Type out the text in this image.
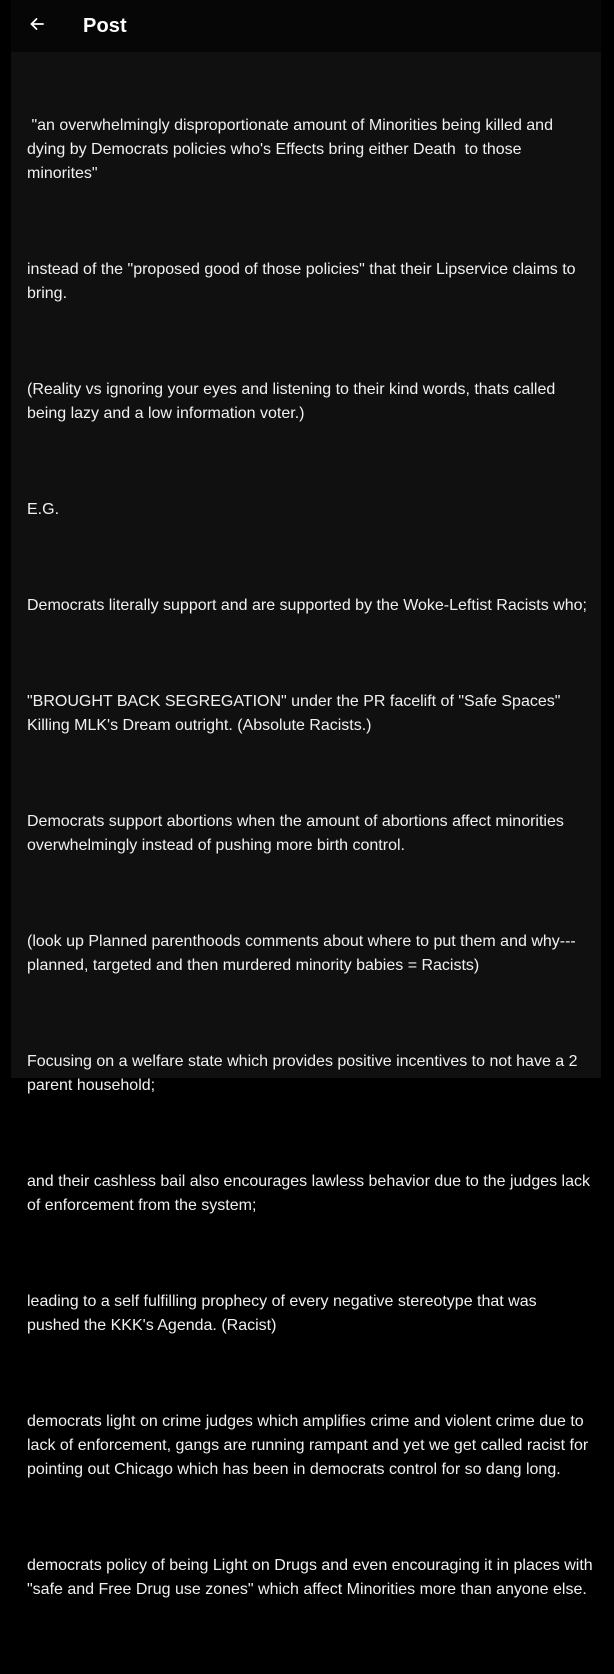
Post

"an overwhelmingly disproportionate amount of Minorities being killed and dying by Democrats policies who's Effects bring either Death  to those minorites"

instead of the "proposed good of those policies" that their Lipservice claims to bring.

(Reality vs ignoring your eyes and listening to their kind words, thats called being lazy and a low information voter.)

E.G.

Democrats literally support and are supported by the Woke-Leftist Racists who;

"BROUGHT BACK SEGREGATION" under the PR facelift of "Safe Spaces" Killing MLK's Dream outright. (Absolute Racists.)

Democrats support abortions when the amount of abortions affect minorities overwhelmingly instead of pushing more birth control.

(look up Planned parenthoods comments about where to put them and why---planned, targeted and then murdered minority babies = Racists)

Focusing on a welfare state which provides positive incentives to not have a 2 parent household;

and their cashless bail also encourages lawless behavior due to the judges lack of enforcement from the system;

leading to a self fulfilling prophecy of every negative stereotype that was pushed the KKK's Agenda. (Racist)

democrats light on crime judges which amplifies crime and violent crime due to lack of enforcement, gangs are running rampant and yet we get called racist for pointing out Chicago which has been in democrats control for so dang long.

democrats policy of being Light on Drugs and even encouraging it in places with "safe and Free Drug use zones" which affect Minorities more than anyone else.
